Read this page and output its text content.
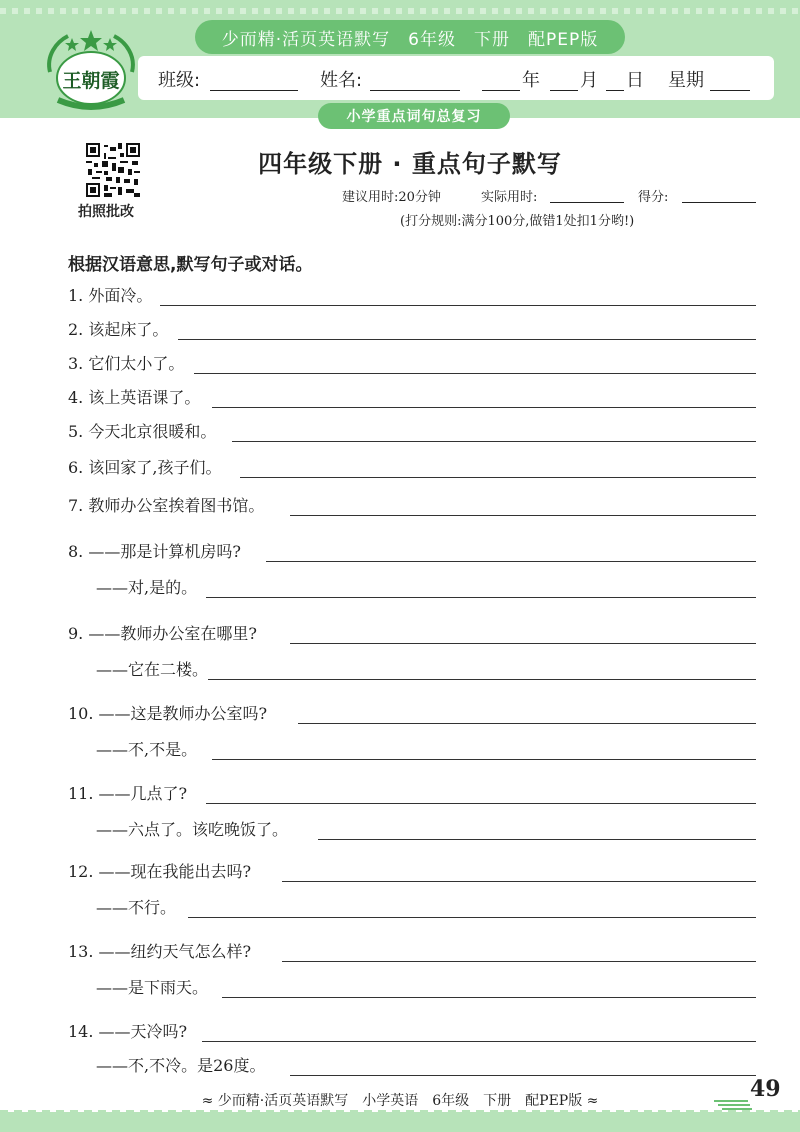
少而精·活页英语默写　6年级　下册　配PEP版
王朝霞	班级:	姓名:	年 月 日 星期
小学重点词句总复习
拍照批改
四年级下册 · 重点句子默写
建议用时:20分钟	实际用时:	得分:
(打分规则:满分100分,做错1处扣1分哟!)
根据汉语意思,默写句子或对话。
1. 外面冷。
2. 该起床了。
3. 它们太小了。
4. 该上英语课了。
5. 今天北京很暖和。
6. 该回家了,孩子们。
7. 教师办公室挨着图书馆。
8. ——那是计算机房吗?
——对,是的。
9. ——教师办公室在哪里?
——它在二楼。
10. ——这是教师办公室吗?
——不,不是。
11. ——几点了?
——六点了。该吃晚饭了。
12. ——现在我能出去吗?
——不行。
13. ——纽约天气怎么样?
——是下雨天。
14. ——天冷吗?
——不,不冷。是26度。
≈ 少而精·活页英语默写　小学英语　6年级　下册　配PEP版 ≈	49
